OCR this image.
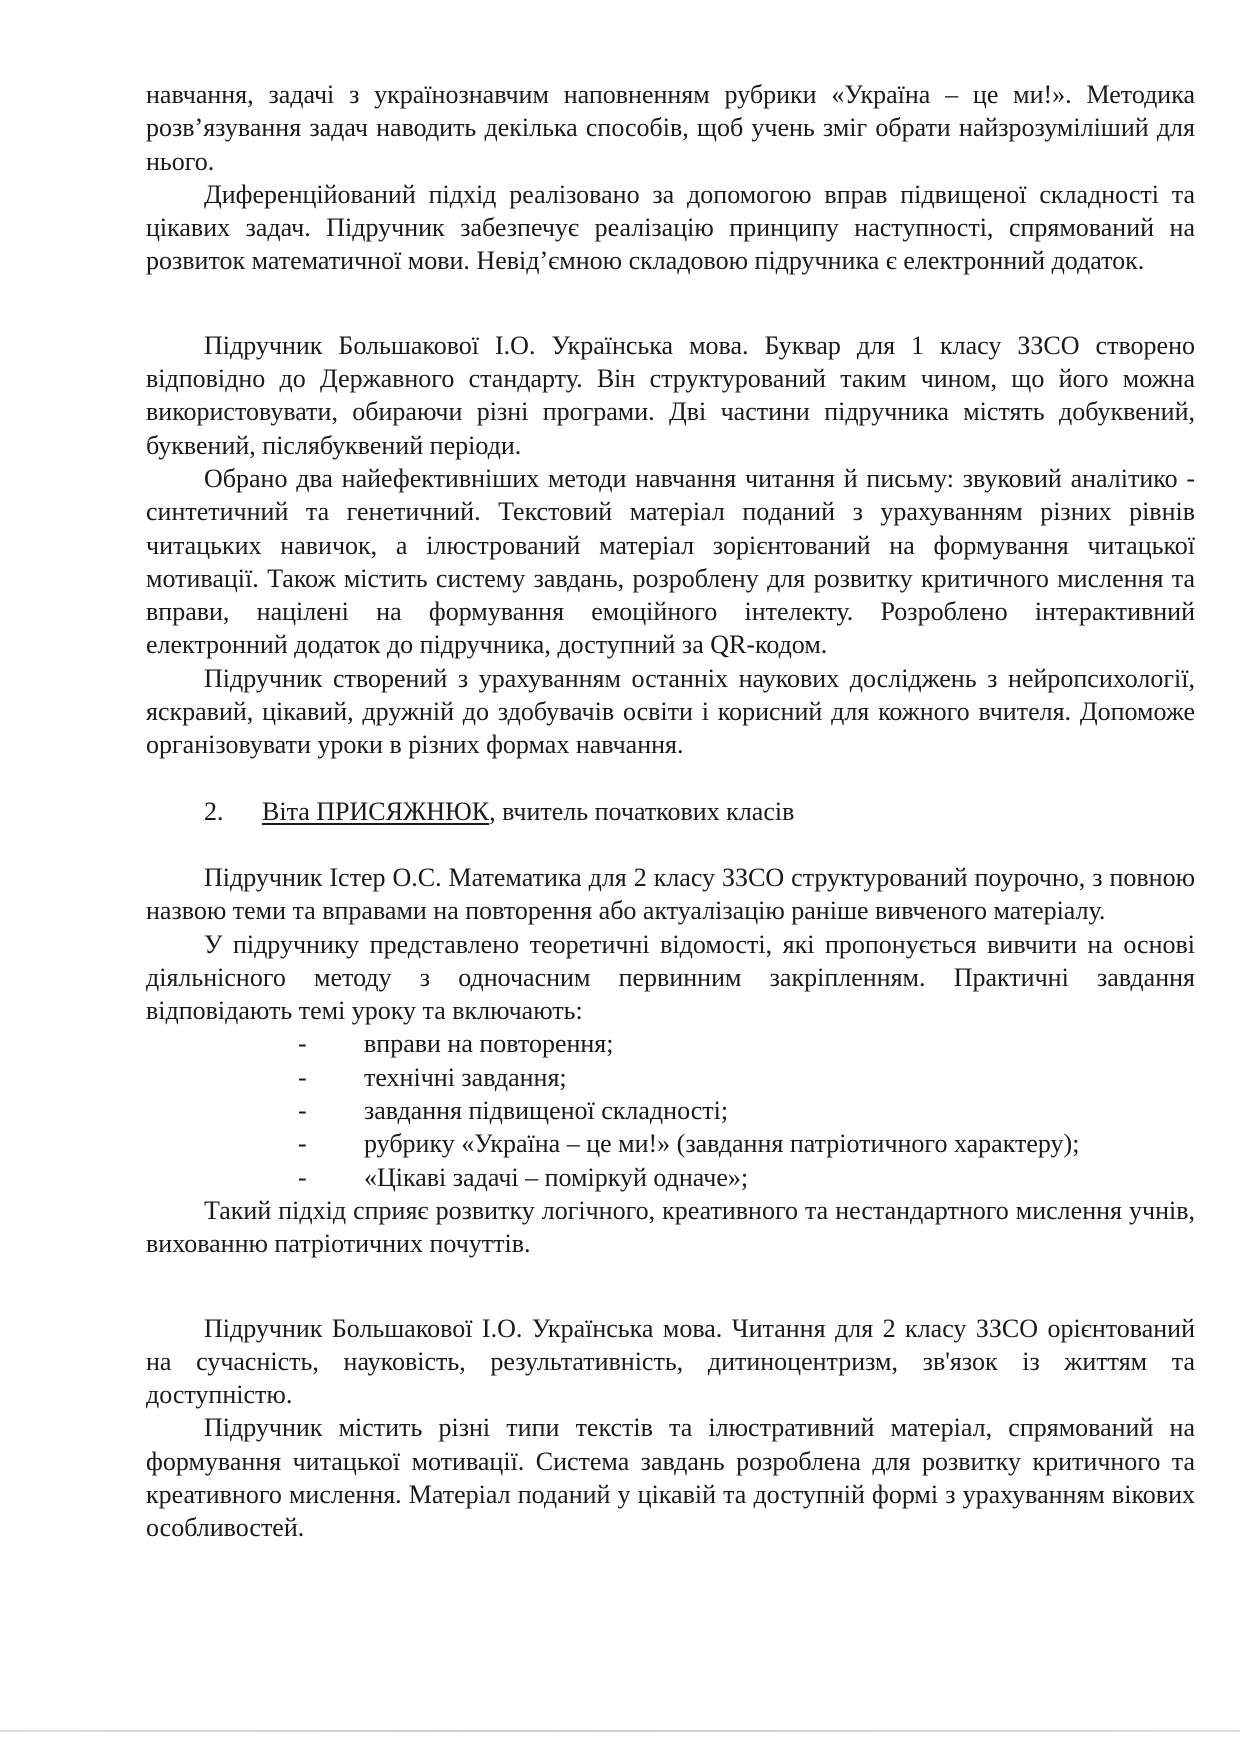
навчання, задачі з українознавчим наповненням рубрики «Україна – це ми!». Методика розв’язування задач наводить декілька способів, щоб учень зміг обрати найзрозуміліший для нього.

Диференційований підхід реалізовано за допомогою вправ підвищеної складності та цікавих задач. Підручник забезпечує реалізацію принципу наступності, спрямований на розвиток математичної мови. Невід’ємною складовою підручника є електронний додаток.

Підручник Большакової І.О. Українська мова. Буквар для 1 класу ЗЗСО створено відповідно до Державного стандарту. Він структурований таким чином, що його можна використовувати, обираючи різні програми. Дві частини підручника містять добуквений, буквений, післябуквений періоди.

Обрано два найефективніших методи навчання читання й письму: звуковий аналітико - синтетичний та генетичний. Текстовий матеріал поданий з урахуванням різних рівнів читацьких навичок, а ілюстрований матеріал зорієнтований на формування читацької мотивації. Також містить систему завдань, розроблену для розвитку критичного мислення та вправи, націлені на формування емоційного інтелекту. Розроблено інтерактивний електронний додаток до підручника, доступний за QR-кодом.

Підручник створений з урахуванням останніх наукових досліджень з нейропсихології, яскравий, цікавий, дружній до здобувачів освіти і корисний для кожного вчителя. Допоможе організовувати уроки в різних формах навчання.

2.	Віта ПРИСЯЖНЮК , вчитель початкових класів

Підручник Істер О.С. Математика для 2 класу ЗЗСО структурований поурочно, з повною назвою теми та вправами на повторення або актуалізацію раніше вивченого матеріалу.

У підручнику представлено теоретичні відомості, які пропонується вивчити на основі діяльнісного методу з одночасним первинним закріпленням. Практичні завдання відповідають темі уроку та включають:

-	вправи на повторення;
-	технічні завдання;
-	завдання підвищеної складності;
-	рубрику «Україна – це ми!» (завдання патріотичного характеру);
-	«Цікаві задачі – поміркуй одначе»;

Такий підхід сприяє розвитку логічного, креативного та нестандартного мислення учнів, вихованню патріотичних почуттів.

Підручник Большакової І.О. Українська мова. Читання для 2 класу ЗЗСО орієнтований на сучасність, науковість, результативність, дитиноцентризм, зв'язок із життям та доступністю.

Підручник містить різні типи текстів та ілюстративний матеріал, спрямований на формування читацької мотивації. Система завдань розроблена для розвитку критичного та креативного мислення. Матеріал поданий у цікавій та доступній формі з урахуванням вікових особливостей.
